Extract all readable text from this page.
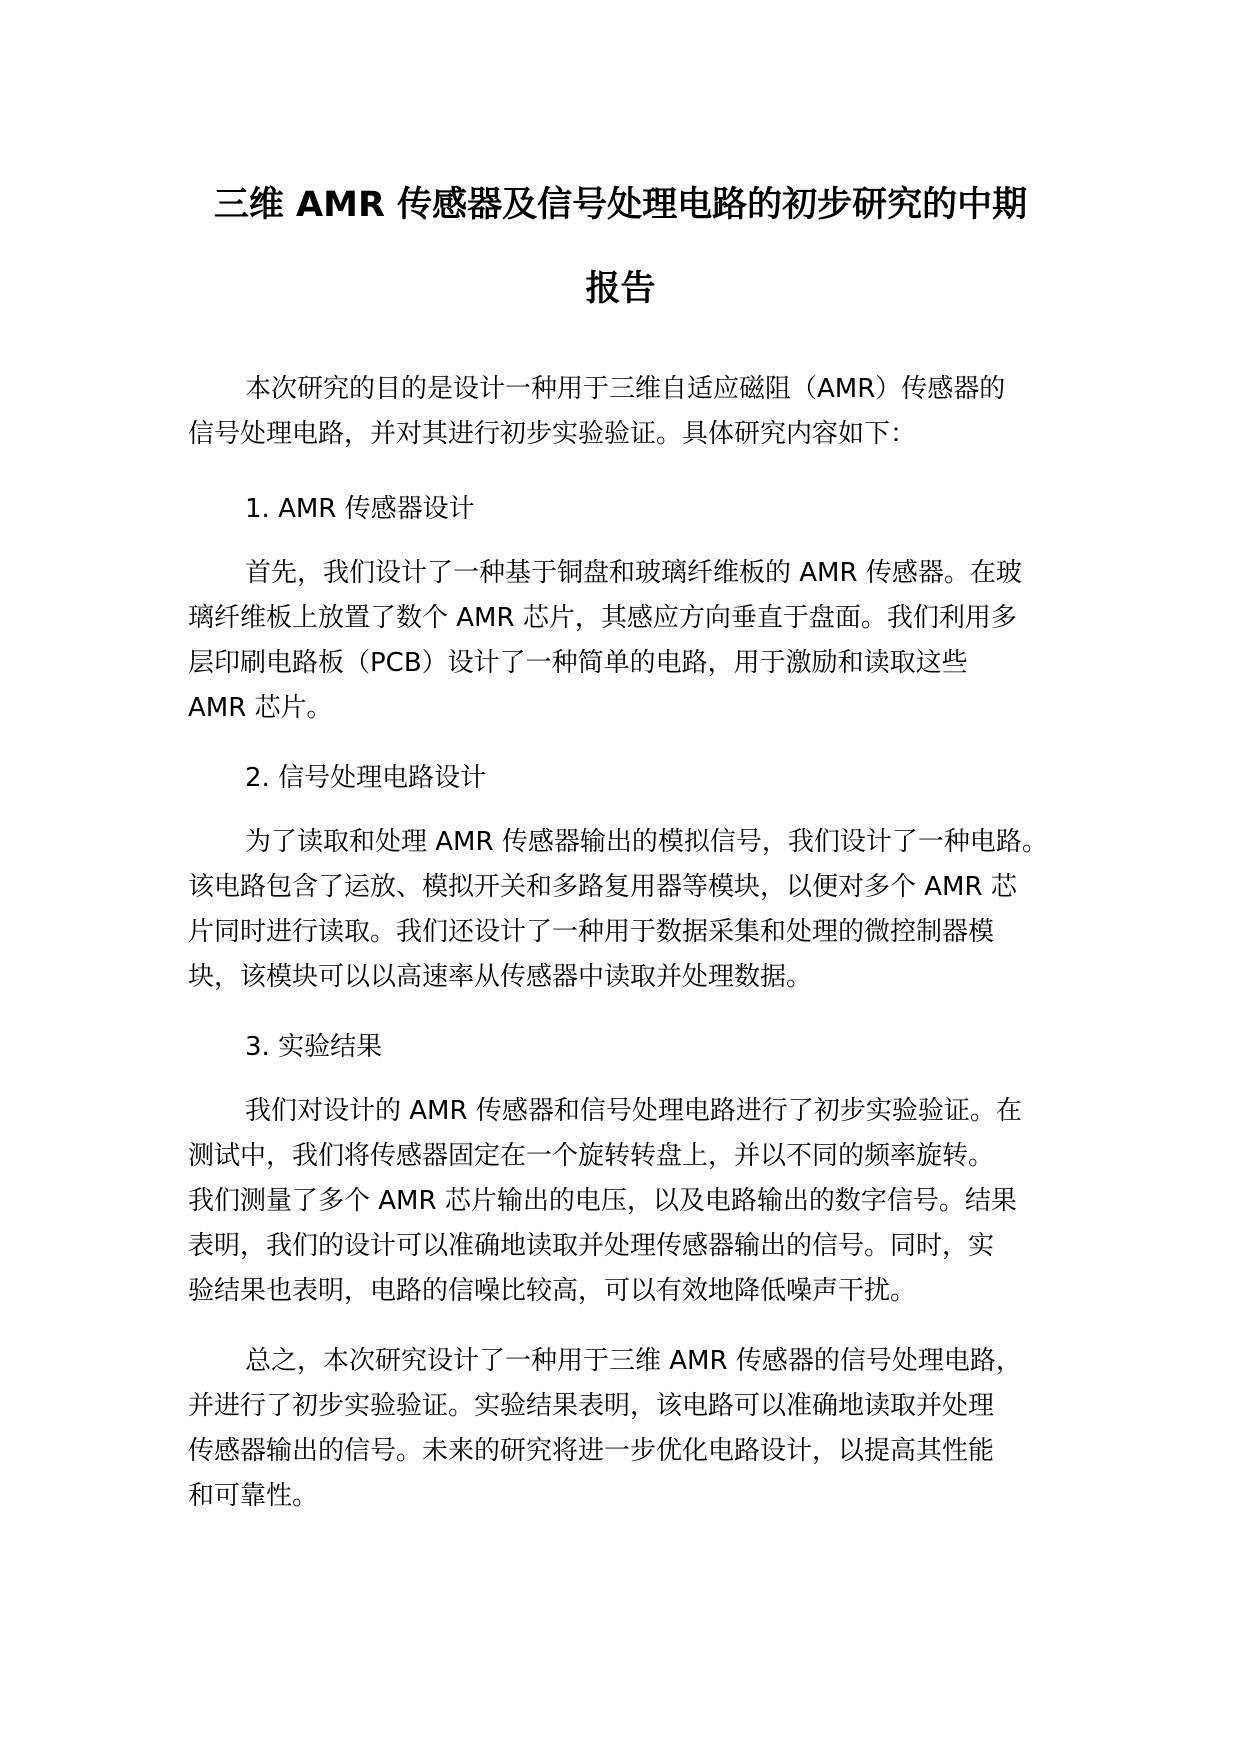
三维 AMR 传感器及信号处理电路的初步研究的中期
报告
本次研究的目的是设计一种用于三维自适应磁阻（AMR）传感器的
信号处理电路，并对其进行初步实验验证。具体研究内容如下：
1. AMR 传感器设计
首先，我们设计了一种基于铜盘和玻璃纤维板的 AMR 传感器。在玻
璃纤维板上放置了数个 AMR 芯片，其感应方向垂直于盘面。我们利用多
层印刷电路板（PCB）设计了一种简单的电路，用于激励和读取这些
AMR 芯片。
2. 信号处理电路设计
为了读取和处理 AMR 传感器输出的模拟信号，我们设计了一种电路。
该电路包含了运放、模拟开关和多路复用器等模块，以便对多个 AMR 芯
片同时进行读取。我们还设计了一种用于数据采集和处理的微控制器模
块，该模块可以以高速率从传感器中读取并处理数据。
3. 实验结果
我们对设计的 AMR 传感器和信号处理电路进行了初步实验验证。在
测试中，我们将传感器固定在一个旋转转盘上，并以不同的频率旋转。
我们测量了多个 AMR 芯片输出的电压，以及电路输出的数字信号。结果
表明，我们的设计可以准确地读取并处理传感器输出的信号。同时，实
验结果也表明，电路的信噪比较高，可以有效地降低噪声干扰。
总之，本次研究设计了一种用于三维 AMR 传感器的信号处理电路，
并进行了初步实验验证。实验结果表明，该电路可以准确地读取并处理
传感器输出的信号。未来的研究将进一步优化电路设计，以提高其性能
和可靠性。
